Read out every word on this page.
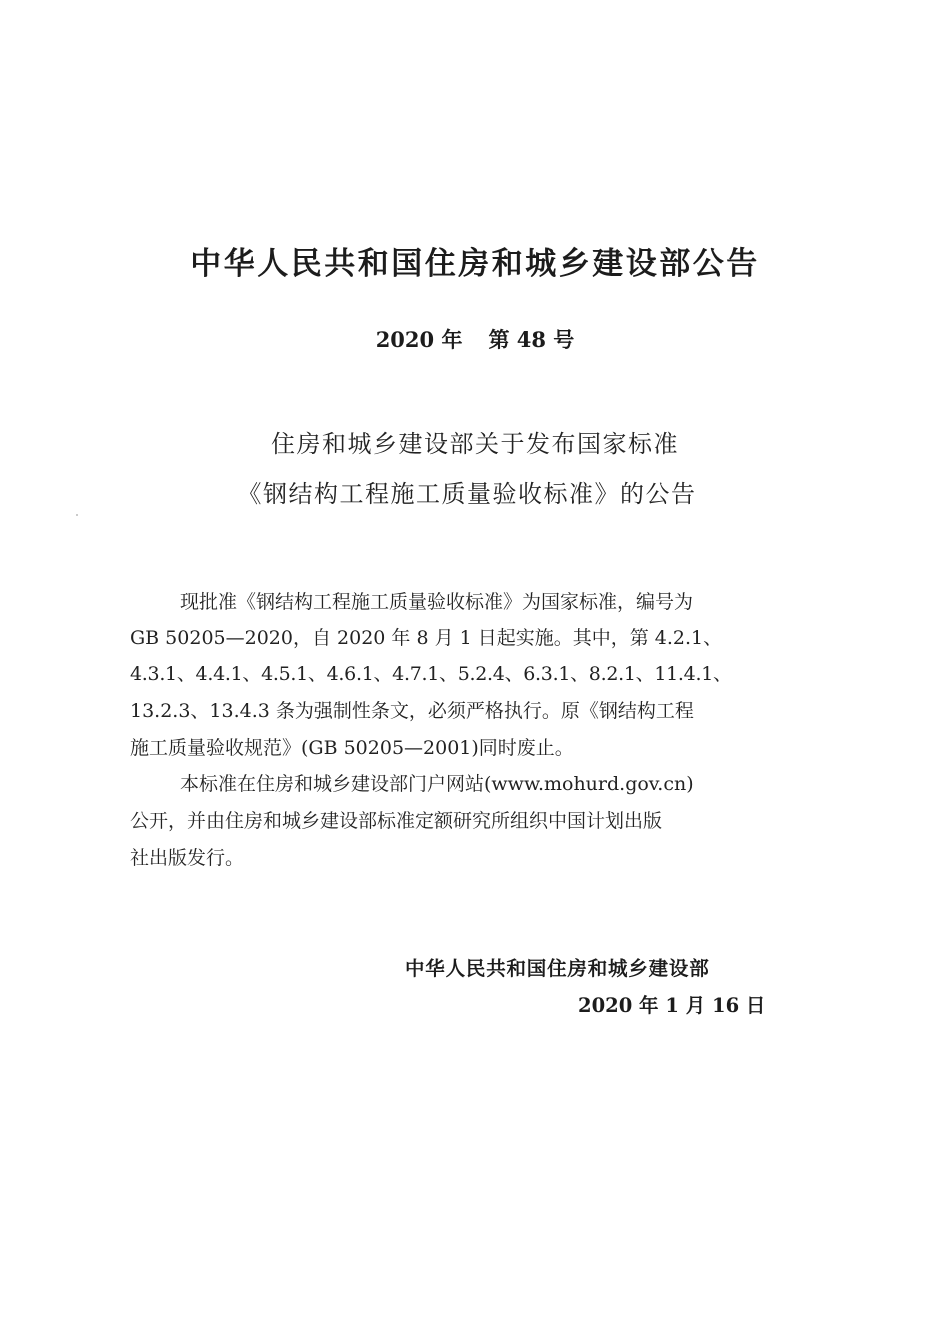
中华人民共和国住房和城乡建设部公告
2020 年 第 48 号
住房和城乡建设部关于发布国家标准
《钢结构工程施工质量验收标准》的公告
现批准《钢结构工程施工质量验收标准》为国家标准，编号为
GB 50205—2020，自 2020 年 8 月 1 日起实施。其中，第 4.2.1、
4.3.1、4.4.1、4.5.1、4.6.1、4.7.1、5.2.4、6.3.1、8.2.1、11.4.1、
13.2.3、13.4.3 条为强制性条文，必须严格执行。原《钢结构工程
施工质量验收规范》(GB 50205—2001)同时废止。
本标准在住房和城乡建设部门户网站(www.mohurd.gov.cn)
公开，并由住房和城乡建设部标准定额研究所组织中国计划出版
社出版发行。
中华人民共和国住房和城乡建设部
2020 年 1 月 16 日
